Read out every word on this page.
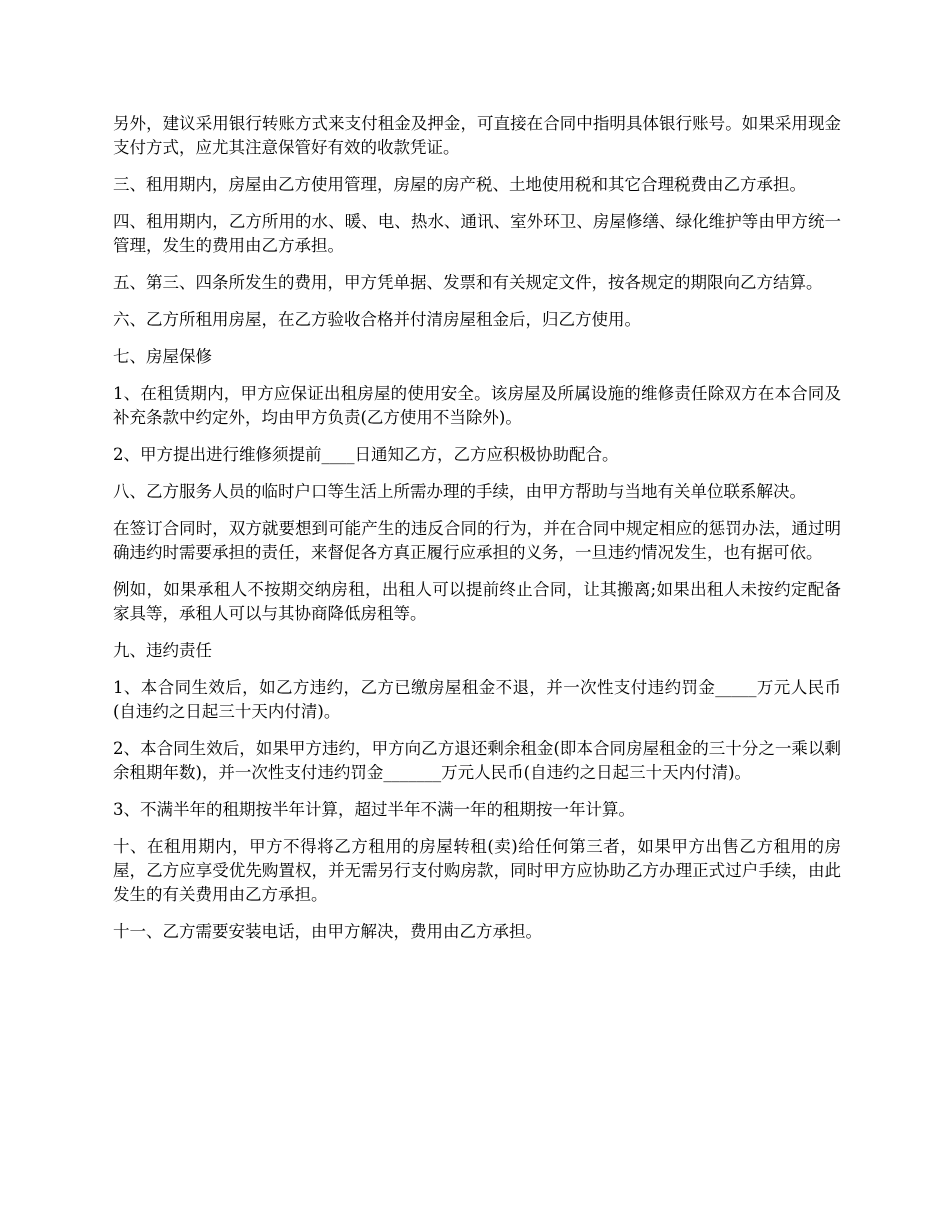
另外，建议采用银行转账方式来支付租金及押金，可直接在合同中指明具体银行账号。如果采用现金支付方式，应尤其注意保管好有效的收款凭证。

三、租用期内，房屋由乙方使用管理，房屋的房产税、土地使用税和其它合理税费由乙方承担。

四、租用期内，乙方所用的水、暖、电、热水、通讯、室外环卫、房屋修缮、绿化维护等由甲方统一管理，发生的费用由乙方承担。

五、第三、四条所发生的费用，甲方凭单据、发票和有关规定文件，按各规定的期限向乙方结算。

六、乙方所租用房屋，在乙方验收合格并付清房屋租金后，归乙方使用。

七、房屋保修

1、在租赁期内，甲方应保证出租房屋的使用安全。该房屋及所属设施的维修责任除双方在本合同及补充条款中约定外，均由甲方负责(乙方使用不当除外)。

2、甲方提出进行维修须提前____日通知乙方，乙方应积极协助配合。

八、乙方服务人员的临时户口等生活上所需办理的手续，由甲方帮助与当地有关单位联系解决。

在签订合同时，双方就要想到可能产生的违反合同的行为，并在合同中规定相应的惩罚办法，通过明确违约时需要承担的责任，来督促各方真正履行应承担的义务，一旦违约情况发生，也有据可依。

例如，如果承租人不按期交纳房租，出租人可以提前终止合同，让其搬离;如果出租人未按约定配备家具等，承租人可以与其协商降低房租等。

九、违约责任

1、本合同生效后，如乙方违约，乙方已缴房屋租金不退，并一次性支付违约罚金_____万元人民币(自违约之日起三十天内付清)。

2、本合同生效后，如果甲方违约，甲方向乙方退还剩余租金(即本合同房屋租金的三十分之一乘以剩余租期年数)，并一次性支付违约罚金_______万元人民币(自违约之日起三十天内付清)。

3、不满半年的租期按半年计算，超过半年不满一年的租期按一年计算。

十、在租用期内，甲方不得将乙方租用的房屋转租(卖)给任何第三者，如果甲方出售乙方租用的房屋，乙方应享受优先购置权，并无需另行支付购房款，同时甲方应协助乙方办理正式过户手续，由此发生的有关费用由乙方承担。

十一、乙方需要安装电话，由甲方解决，费用由乙方承担。
